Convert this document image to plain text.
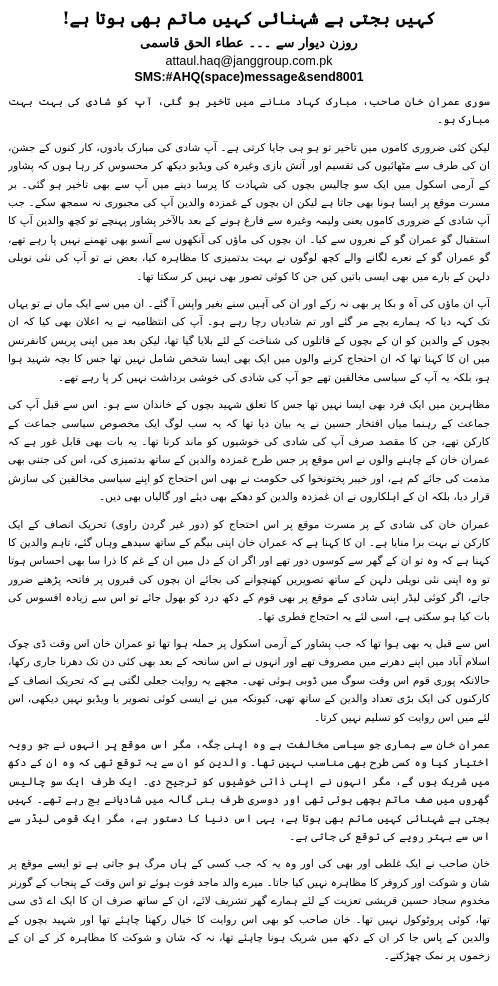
کہیں بجتی ہے شہنائی کہیں ماتم بھی ہوتا ہے!
روزن دیوار سے ۔۔۔ عطاء الحق قاسمی
attaul.haq@janggroup.com.pk
SMS:#AHQ(space)message&send8001

سوری عمران خان صاحب، مبارک کہاد منانے میں تاخیر ہو گئی، آپ کو شادی کی بہت بہت مبارک ہو۔

لیکن کئی ضروری کاموں میں تاخیر تو ہو ہی جایا کرتی ہے۔ آپ شادی کی مبارک بادوں، کار کنوں کے جشن، ان کی طرف سے مٹھائیوں کی تقسیم اور آتش بازی وغیرہ کی ویڈیو دیکھ کر محسوس کر رہا ہوں کہ پشاور کے آرمی اسکول میں ایک سو چالیس بچوں کی شہادت کا پرسا دینے میں آپ سے بھی تاخیر ہو گئی۔ بر مسرت موقع پر ایسا ہونا بھی جاتا ہے لیکن ان بچوں کے غمزدہ والدین آپ کی مجبوری نہ سمجھ سکے۔ جب آپ شادی کے ضروری کاموں یعنی ولیمہ وغیرہ سے فارغ ہونے کے بعد بالآخر پشاور پہنچے تو کچھ والدین آپ کا استقبال گو عمران گو کے نعروں سے کیا۔ ان بچوں کی ماؤں کی آنکھوں سے آنسو بھی تھمنے نہیں پا رہے تھے، گو عمران گو کے نعرے لگانے والے کچھ لوگوں نے بہت بدتمیزی کا مظاہرہ کیا، بعض نے تو آپ کی نئی نویلی دلہن کے بارے میں بھی ایسی باتیں کیں جن کا کوئی تصور بھی نہیں کر سکتا تھا۔

آپ ان ماؤں کی آہ و بکا پر بھی نہ رکے اور ان کی آہیں سنے بغیر واپس آ گئے۔ ان میں سے ایک ماں نے تو یہاں تک کہہ دیا کہ ہمارے بچے مر گئے اور تم شادیاں رچا رہے ہو۔ آپ کی انتظامیہ نے یہ اعلان بھی کیا کہ ان بچوں کے والدین کو ان کے بچوں کے قاتلوں کی شناخت کے لئے بلایا گیا تھا، لیکن بعد میں اپنی پریس کانفرنس میں ان کا کہنا تھا کہ ان احتجاج کرنے والوں میں ایک بھی ایسا شخص شامل نہیں تھا جس کا بچہ شہید ہوا ہو، بلکہ یہ آپ کے سیاسی مخالفین تھے جو آپ کی شادی کی خوشی برداشت نہیں کر پا رہے تھے۔

مظاہرین میں ایک فرد بھی ایسا نہیں تھا جس کا تعلق شہید بچوں کے خاندان سے ہو۔ اس سے قبل آپ کی جماعت کے رہنما میاں افتخار حسین نے یہ بیان دیا تھا کہ یہ سب لوگ ایک مخصوص سیاسی جماعت کے کارکن تھے، جن کا مقصد صرف آپ کی شادی کی خوشیوں کو ماند کرنا تھا۔ یہ بات بھی قابل غور ہے کہ عمران خان کے چاہنے والوں نے اس موقع پر جس طرح غمزدہ والدین کے ساتھ بدتمیزی کی، اس کی جتنی بھی مذمت کی جائے کم ہے، اور خیبر پختونخوا کی حکومت نے بھی اس احتجاج کو اپنے سیاسی مخالفین کی سازش قرار دیا، بلکہ ان کے اہلکاروں نے ان غمزدہ والدین کو دھکے بھی دیئے اور گالیاں بھی دیں۔

عمران خان کی شادی کے پر مسرت موقع پر اس احتجاج کو (دور غیر گردن راوی) تحریک انصاف کے ایک کارکن نے بہت برا منایا ہے۔ ان کا کہنا ہے کہ عمران خان اپنی بیگم کے ساتھ سیدھے وہاں گئے، تاہم والدین کا کہنا ہے کہ وہ تو ان کے گھر سے کوسوں دور تھے اور اگر ان کے دل میں ان کے غم کا ذرا سا بھی احساس ہوتا تو وہ اپنی نئی نویلی دلہن کے ساتھ تصویریں کھنچوانے کی بجائے ان بچوں کی قبروں پر فاتحہ پڑھنے ضرور جاتے، اگر کوئی لیڈر اپنی شادی کے موقع پر بھی قوم کے دکھ درد کو بھول جائے تو اس سے زیادہ افسوس کی بات کیا ہو سکتی ہے، اسی لئے یہ احتجاج فطری تھا۔

اس سے قبل یہ بھی ہوا تھا کہ جب پشاور کے آرمی اسکول پر حملہ ہوا تھا تو عمران خان اس وقت ڈی چوک اسلام آباد میں اپنے دھرنے میں مصروف تھے اور انہوں نے اس سانحہ کے بعد بھی کئی دن تک دھرنا جاری رکھا، حالانکہ پوری قوم اس وقت سوگ میں ڈوبی ہوئی تھی۔ مجھے یہ روایت جعلی لگتی ہے کہ تحریک انصاف کے کارکنوں کی ایک بڑی تعداد والدین کے ساتھ تھی، کیونکہ میں نے ایسی کوئی تصویر یا ویڈیو نہیں دیکھی، اس لئے میں اس روایت کو تسلیم نہیں کرتا۔

عمران خان سے ہماری جو سیاسی مخالفت ہے وہ اپنی جگہ، مگر اس موقع پر انہوں نے جو رویہ اختیار کیا وہ کسی طرح بھی مناسب نہیں تھا۔ والدین کو ان سے یہ توقع تھی کہ وہ ان کے دکھ میں شریک ہوں گے، مگر انہوں نے اپنی ذاتی خوشیوں کو ترجیح دی۔ ایک طرف ایک سو چالیس گھروں میں صف ماتم بچھی ہوئی تھی اور دوسری طرف بنی گالہ میں شادیانے بج رہے تھے۔ کہیں بجتی ہے شہنائی کہیں ماتم بھی ہوتا ہے، یہی اس دنیا کا دستور ہے، مگر ایک قومی لیڈر سے اس سے بہتر رویے کی توقع کی جاتی ہے۔

خان صاحب نے ایک غلطی اور بھی کی اور وہ یہ کہ جب کسی کے ہاں مرگ ہو جاتی ہے تو ایسے موقع پر شان و شوکت اور کروفر کا مظاہرہ نہیں کیا جاتا۔ میرے والد ماجد فوت ہوئے تو اس وقت کے پنجاب کے گورنر مخدوم سجاد حسین قریشی تعزیت کے لئے ہمارے گھر تشریف لائے، ان کے ساتھ صرف ان کا ایک اے ڈی سی تھا، کوئی پروٹوکول نہیں تھا۔ خان صاحب کو بھی اس روایت کا خیال رکھنا چاہئے تھا اور شہید بچوں کے والدین کے پاس جا کر ان کے دکھ میں شریک ہونا چاہئے تھا، نہ کہ شان و شوکت کا مظاہرہ کر کے ان کے زخموں پر نمک چھڑکتے۔
